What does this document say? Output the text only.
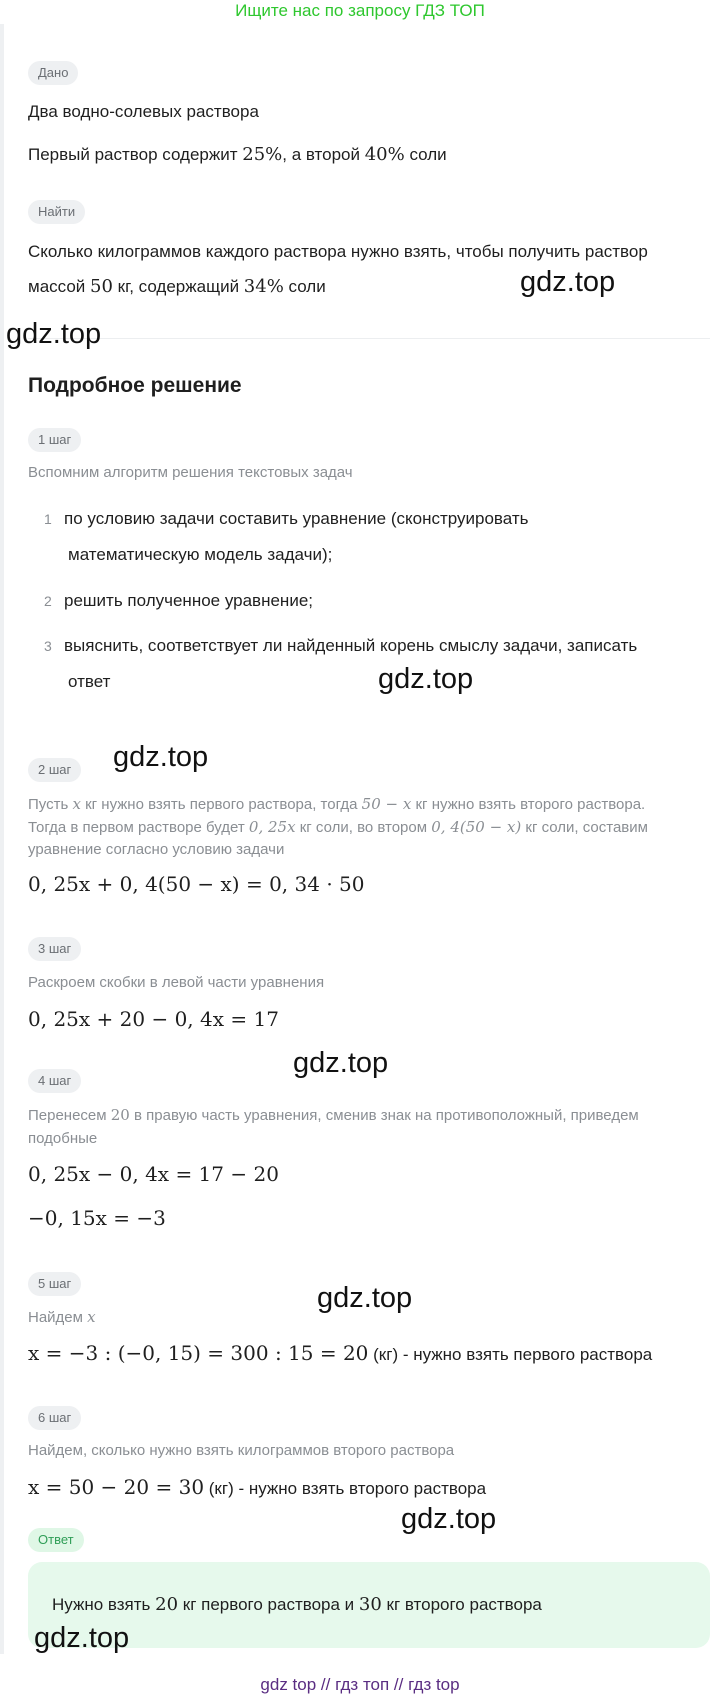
Ищите нас по запросу ГДЗ ТОП
Дано
Два водно-солевых раствора
Первый раствор содержит 25%, а второй 40% соли
Найти
Сколько килограммов каждого раствора нужно взять, чтобы получить раствор
массой 50 кг, содержащий 34% соли
Подробное решение
1 шаг
Вспомним алгоритм решения текстовых задач
1 по условию задачи составить уравнение (сконструировать
математическую модель задачи);
2 решить полученное уравнение;
3 выяснить, соответствует ли найденный корень смыслу задачи, записать
ответ
2 шаг
Пусть x кг нужно взять первого раствора, тогда 50 − x кг нужно взять второго раствора.
Тогда в первом растворе будет 0, 25x кг соли, во втором 0, 4(50 − x) кг соли, составим
уравнение согласно условию задачи
0, 25x + 0, 4(50 − x) = 0, 34 · 50
3 шаг
Раскроем скобки в левой части уравнения
0, 25x + 20 − 0, 4x = 17
4 шаг
Перенесем 20 в правую часть уравнения, сменив знак на противоположный, приведем
подобные
0, 25x − 0, 4x = 17 − 20
−0, 15x = −3
5 шаг
Найдем x
x = −3 : (−0, 15) = 300 : 15 = 20 (кг) - нужно взять первого раствора
6 шаг
Найдем, сколько нужно взять килограммов второго раствора
x = 50 − 20 = 30 (кг) - нужно взять второго раствора
Ответ
Нужно взять 20 кг первого раствора и 30 кг второго раствора
gdz.top
gdz.top
gdz.top
gdz.top
gdz.top
gdz.top
gdz.top
gdz.top
gdz top // гдз топ // гдз top
